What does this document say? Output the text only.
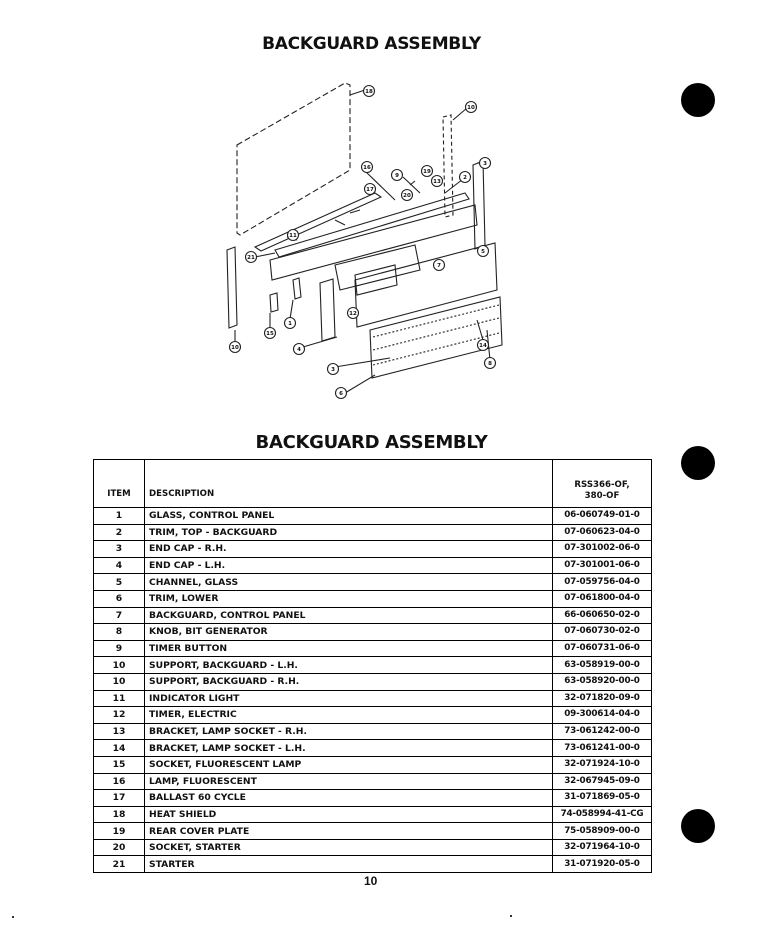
BACKGUARD ASSEMBLY
18
10
16
9
19
13
2
3
20
17
11
21
5
7
12
4
3
6
14
8
10
15
1
BACKGUARD ASSEMBLY
ITEM	DESCRIPTION	RSS366-OF,
380-OF
1	GLASS, CONTROL PANEL	06-060749-01-0
2	TRIM, TOP - BACKGUARD	07-060623-04-0
3	END CAP - R.H.	07-301002-06-0
4	END CAP - L.H.	07-301001-06-0
5	CHANNEL, GLASS	07-059756-04-0
6	TRIM, LOWER	07-061800-04-0
7	BACKGUARD, CONTROL PANEL	66-060650-02-0
8	KNOB, BIT GENERATOR	07-060730-02-0
9	TIMER BUTTON	07-060731-06-0
10	SUPPORT, BACKGUARD - L.H.	63-058919-00-0
10	SUPPORT, BACKGUARD - R.H.	63-058920-00-0
11	INDICATOR LIGHT	32-071820-09-0
12	TIMER, ELECTRIC	09-300614-04-0
13	BRACKET, LAMP SOCKET - R.H.	73-061242-00-0
14	BRACKET, LAMP SOCKET - L.H.	73-061241-00-0
15	SOCKET, FLUORESCENT LAMP	32-071924-10-0
16	LAMP, FLUORESCENT	32-067945-09-0
17	BALLAST 60 CYCLE	31-071869-05-0
18	HEAT SHIELD	74-058994-41-CG
19	REAR COVER PLATE	75-058909-00-0
20	SOCKET, STARTER	32-071964-10-0
21	STARTER	31-071920-05-0
10
